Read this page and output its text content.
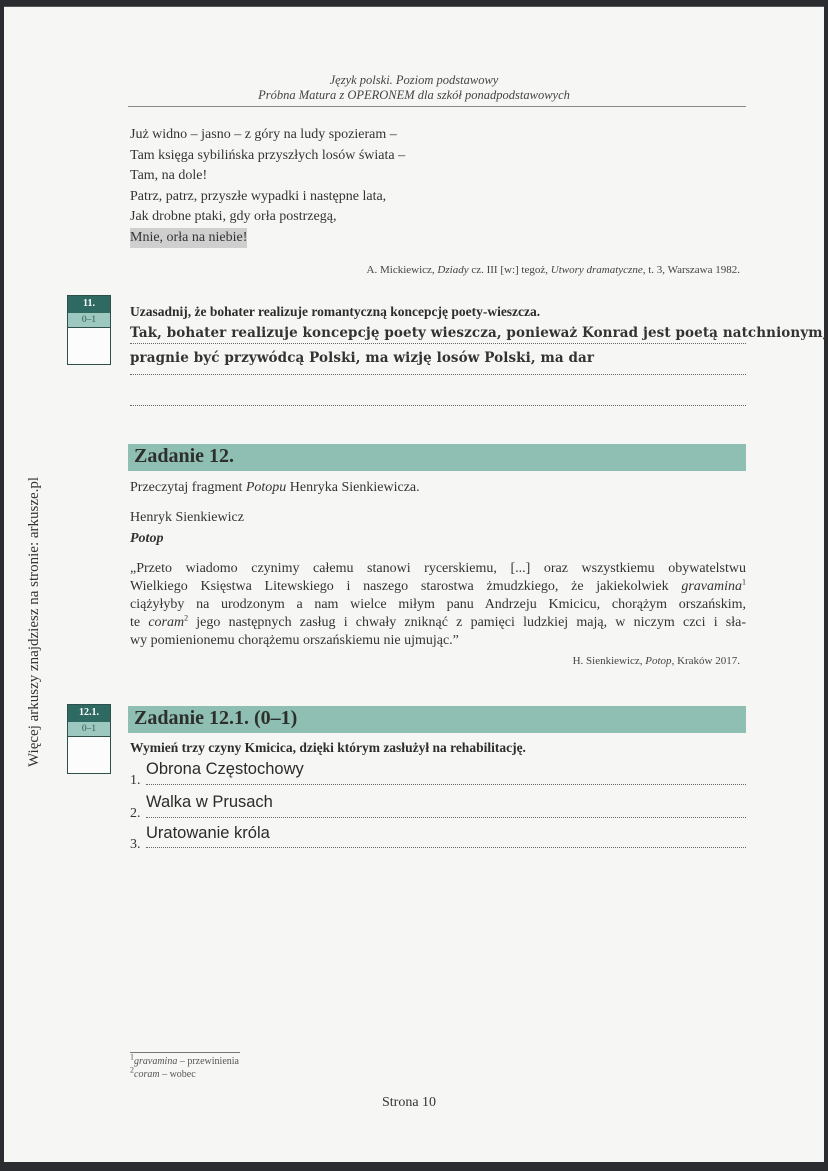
Język polski. Poziom podstawowy
Próbna Matura z OPERONEM dla szkół ponadpodstawowych
Więcej arkuszy znajdziesz na stronie: arkusze.pl
Już widno – jasno – z góry na ludy spozieram –
Tam księga sybilińska przyszłych losów świata –
Tam, na dole!
Patrz, patrz, przyszłe wypadki i następne lata,
Jak drobne ptaki, gdy orła postrzegą,
Mnie, orła na niebie!
A. Mickiewicz, Dziady cz. III [w:] tegoż, Utwory dramatyczne, t. 3, Warszawa 1982.
11.
0–1
Uzasadnij, że bohater realizuje romantyczną koncepcję poety-wieszcza.
Tak, bohater realizuje koncepcję poety wieszcza, ponieważ Konrad jest poetą natchnionym,
pragnie być przywódcą Polski, ma wizję losów Polski, ma dar
Zadanie 12.
Przeczytaj fragment Potopu Henryka Sienkiewicza.
Henryk Sienkiewicz
Potop
„Przeto wiadomo czynimy całemu stanowi rycerskiemu, [...] oraz wszystkiemu obywatelstwu
Wielkiego Księstwa Litewskiego i naszego starostwa żmudzkiego, że jakiekolwiek gravamina$^1$
ciążyłyby na urodzonym a nam wielce miłym panu Andrzeju Kmicicu, chorążym orszańskim,
te coram$^2$ jego następnych zasług i chwały zniknąć z pamięci ludzkiej mają, w niczym czci i sła-
wy pomienionemu chorążemu orszańskiemu nie ujmując.”
H. Sienkiewicz, Potop, Kraków 2017.
12.1.
0–1	Zadanie 12.1. (0–1)
Wymień trzy czyny Kmicica, dzięki którym zasłużył na rehabilitację.
1.
Obrona Częstochowy
2.
Walka w Prusach
3.
Uratowanie króla
$^1$gravamina – przewinienia
$^2$coram – wobec
Strona 10
